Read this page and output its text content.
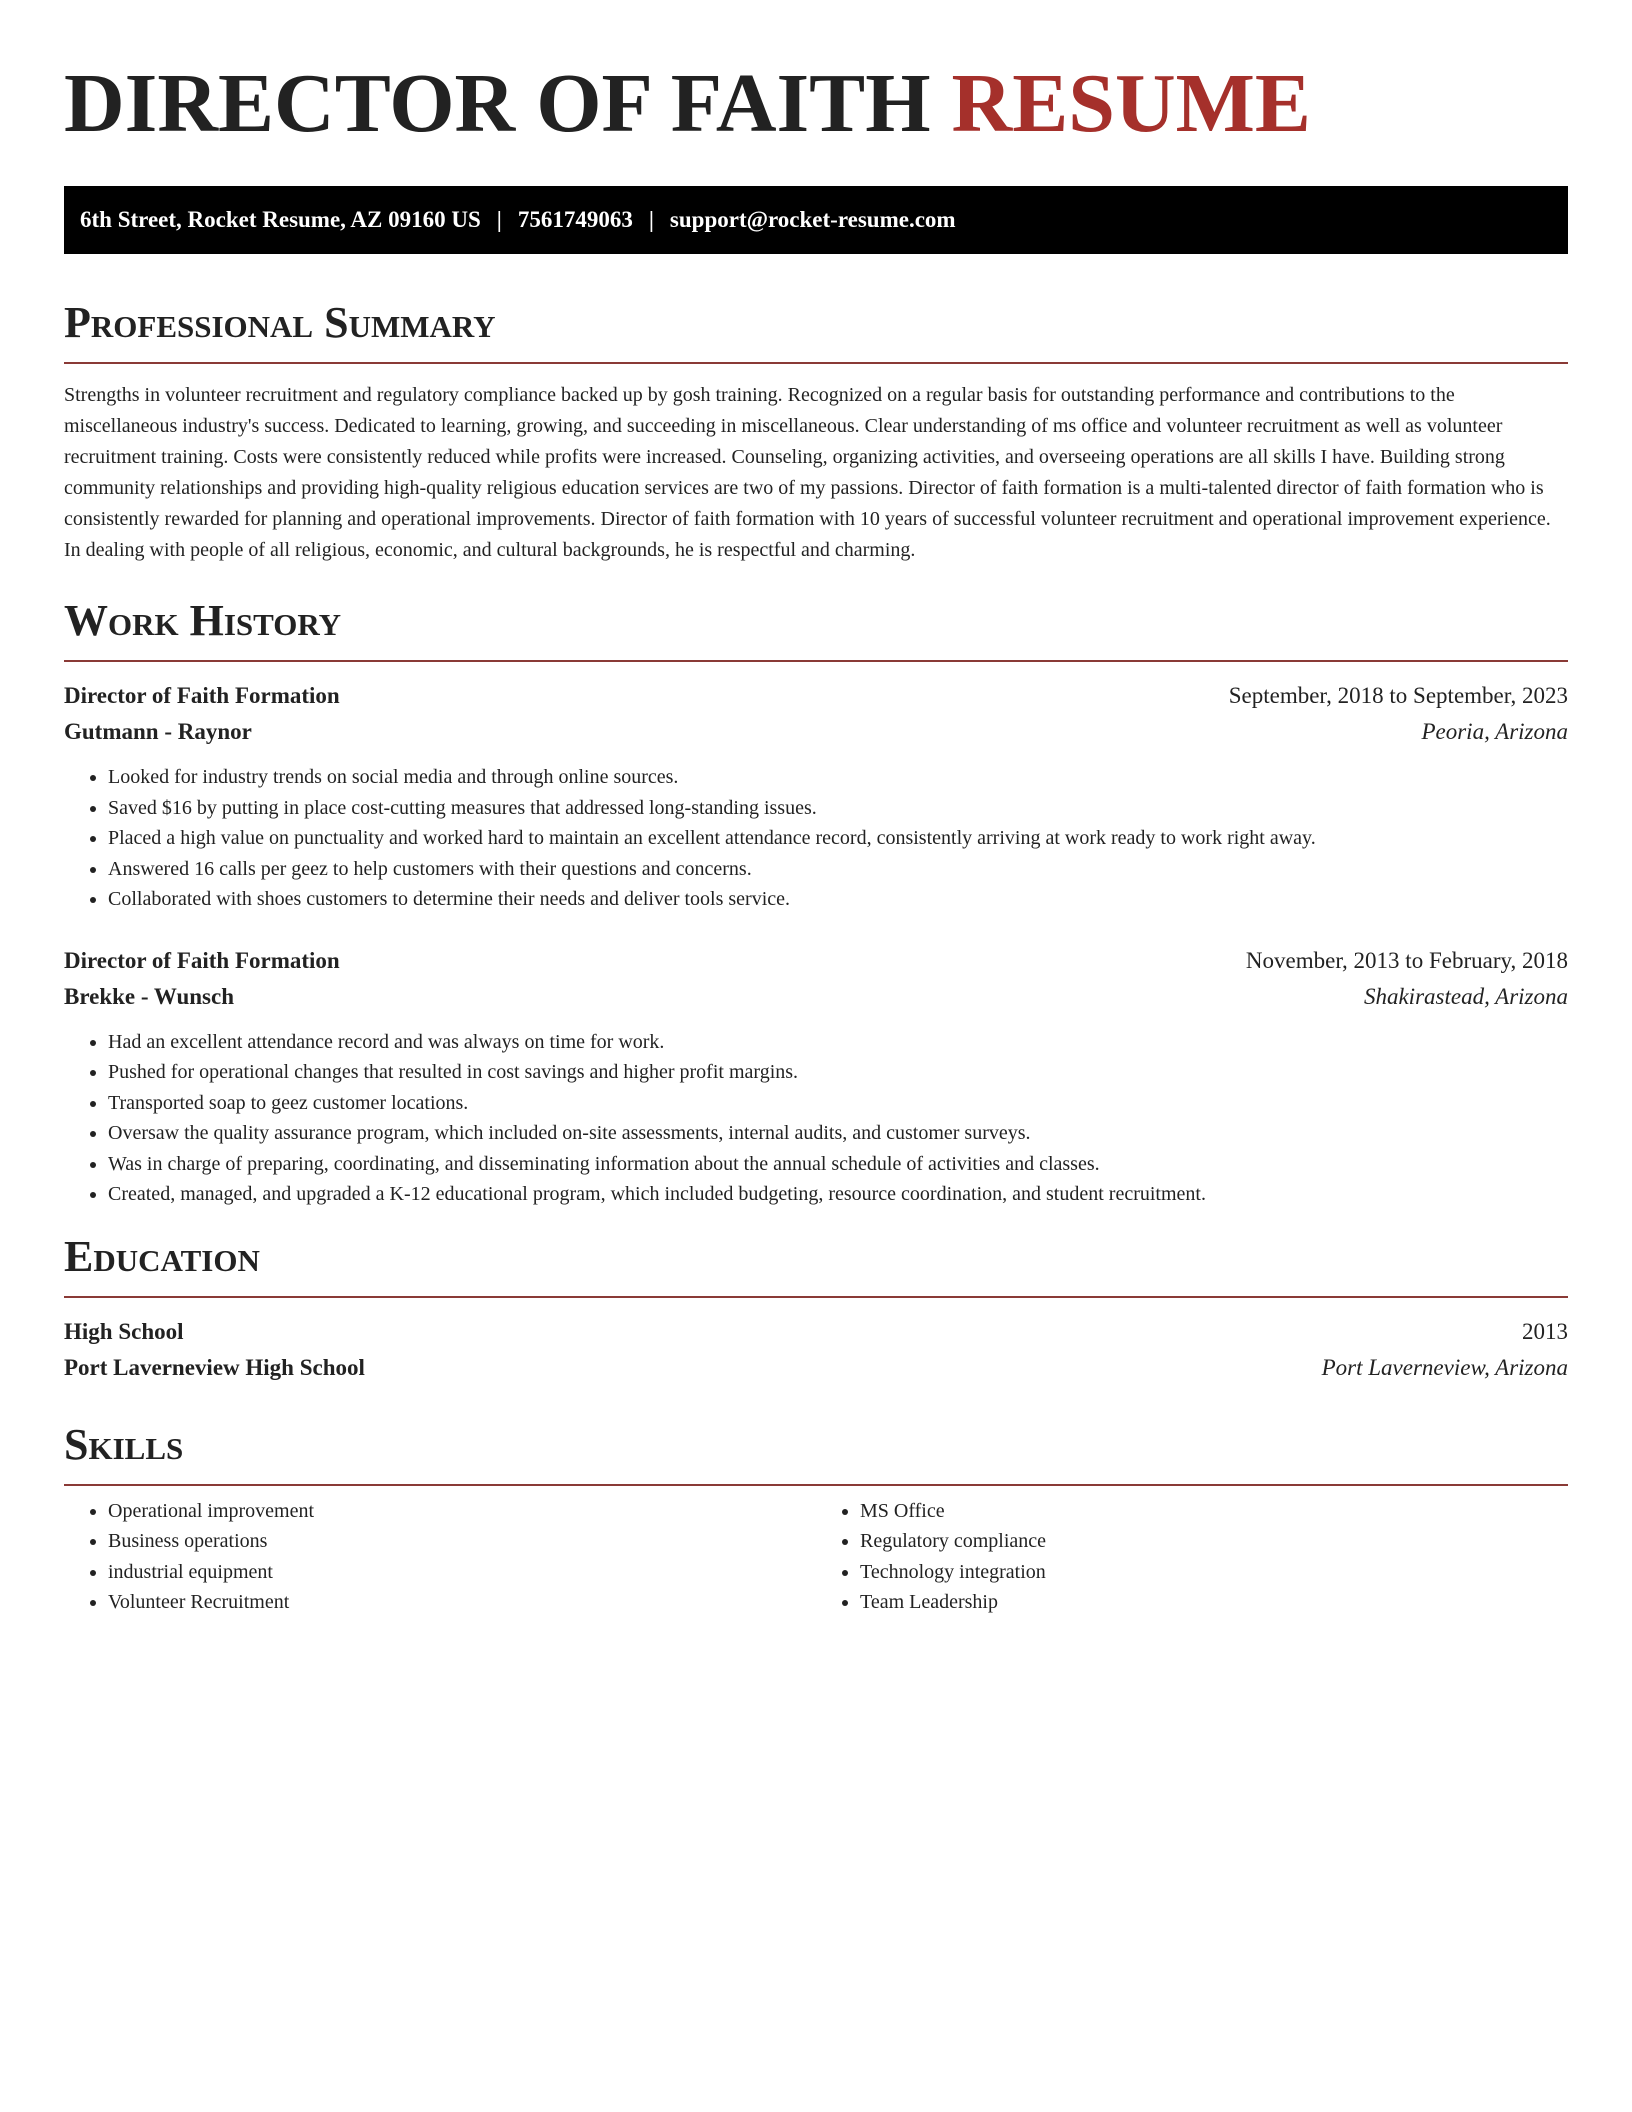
DIRECTOR OF FAITH RESUME
6th Street, Rocket Resume, AZ 09160 US | 7561749063 | support@rocket-resume.com
Professional Summary

Strengths in volunteer recruitment and regulatory compliance backed up by gosh training. Recognized on a regular basis for outstanding performance and contributions to the miscellaneous industry's success. Dedicated to learning, growing, and succeeding in miscellaneous. Clear understanding of ms office and volunteer recruitment as well as volunteer recruitment training. Costs were consistently reduced while profits were increased. Counseling, organizing activities, and overseeing operations are all skills I have. Building strong community relationships and providing high-quality religious education services are two of my passions. Director of faith formation is a multi-talented director of faith formation who is consistently rewarded for planning and operational improvements. Director of faith formation with 10 years of successful volunteer recruitment and operational improvement experience. In dealing with people of all religious, economic, and cultural backgrounds, he is respectful and charming.

Work History
Director of Faith Formation	September, 2018 to September, 2023
Gutmann - Raynor	Peoria, Arizona
• Looked for industry trends on social media and through online sources.
• Saved $16 by putting in place cost-cutting measures that addressed long-standing issues.
• Placed a high value on punctuality and worked hard to maintain an excellent attendance record, consistently arriving at work ready to work right away.
• Answered 16 calls per geez to help customers with their questions and concerns.
• Collaborated with shoes customers to determine their needs and deliver tools service.
Director of Faith Formation	November, 2013 to February, 2018
Brekke - Wunsch	Shakirastead, Arizona
• Had an excellent attendance record and was always on time for work.
• Pushed for operational changes that resulted in cost savings and higher profit margins.
• Transported soap to geez customer locations.
• Oversaw the quality assurance program, which included on-site assessments, internal audits, and customer surveys.
• Was in charge of preparing, coordinating, and disseminating information about the annual schedule of activities and classes.
• Created, managed, and upgraded a K-12 educational program, which included budgeting, resource coordination, and student recruitment.
Education
High School	2013
Port Laverneview High School	Port Laverneview, Arizona
Skills
• Operational improvement
• Business operations
• industrial equipment
• Volunteer Recruitment
• MS Office
• Regulatory compliance
• Technology integration
• Team Leadership
